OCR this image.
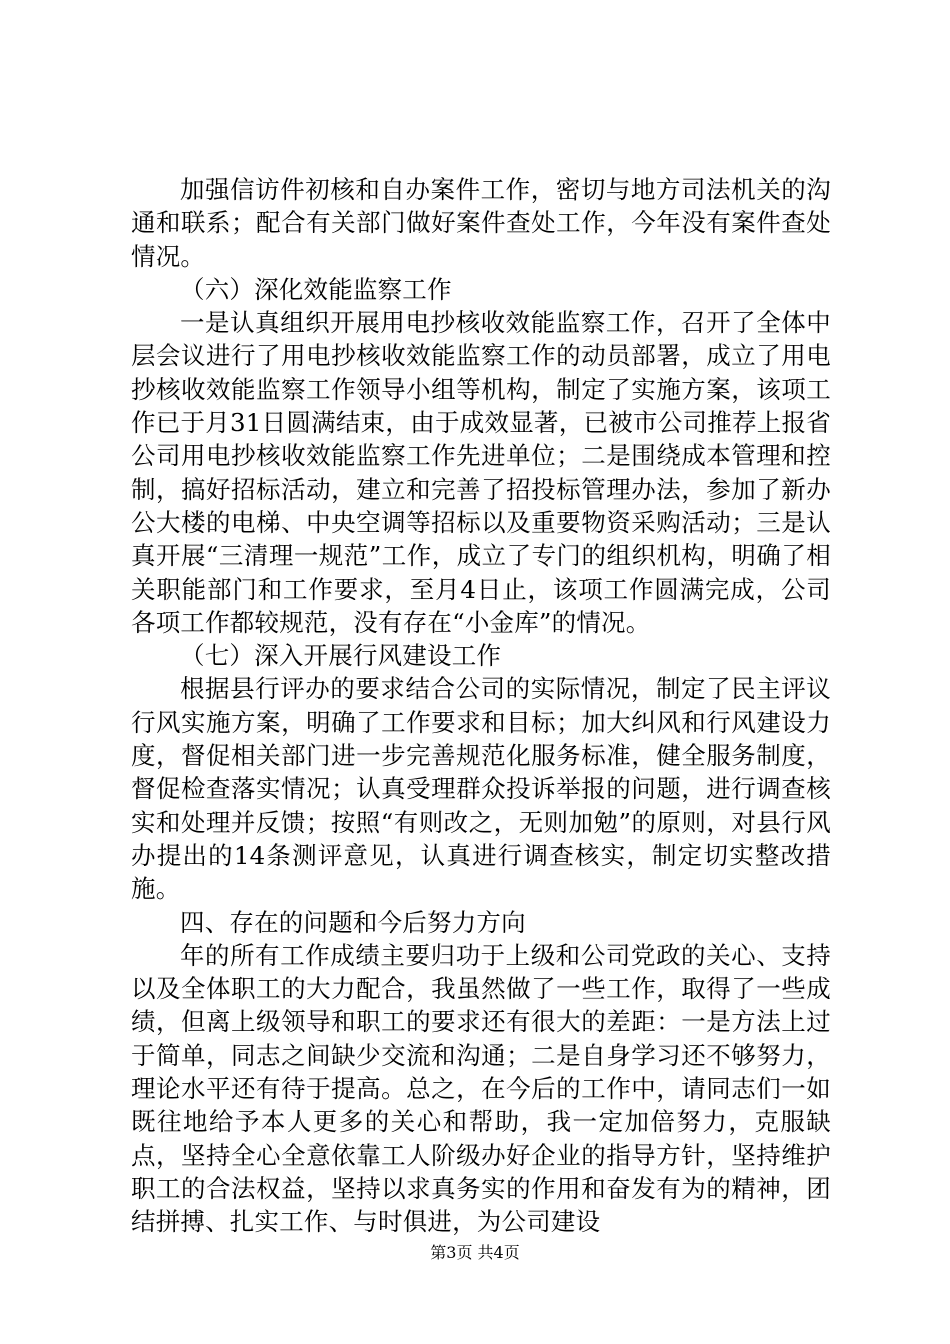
加强信访件初核和自办案件工作，密切与地方司法机关的沟通和联系；配合有关部门做好案件查处工作，今年没有案件查处情况。

（六）深化效能监察工作

一是认真组织开展用电抄核收效能监察工作，召开了全体中层会议进行了用电抄核收效能监察工作的动员部署，成立了用电抄核收效能监察工作领导小组等机构，制定了实施方案，该项工作已于月31日圆满结束，由于成效显著，已被市公司推荐上报省公司用电抄核收效能监察工作先进单位；二是围绕成本管理和控制，搞好招标活动，建立和完善了招投标管理办法，参加了新办公大楼的电梯、中央空调等招标以及重要物资采购活动；三是认真开展“三清理一规范”工作，成立了专门的组织机构，明确了相关职能部门和工作要求，至月4日止，该项工作圆满完成，公司各项工作都较规范，没有存在“小金库”的情况。

（七）深入开展行风建设工作

根据县行评办的要求结合公司的实际情况，制定了民主评议行风实施方案，明确了工作要求和目标；加大纠风和行风建设力度，督促相关部门进一步完善规范化服务标准，健全服务制度，督促检查落实情况；认真受理群众投诉举报的问题，进行调查核实和处理并反馈；按照“有则改之，无则加勉”的原则，对县行风办提出的14条测评意见，认真进行调查核实，制定切实整改措施。

四、存在的问题和今后努力方向

年的所有工作成绩主要归功于上级和公司党政的关心、支持以及全体职工的大力配合，我虽然做了一些工作，取得了一些成绩，但离上级领导和职工的要求还有很大的差距：一是方法上过于简单，同志之间缺少交流和沟通；二是自身学习还不够努力，理论水平还有待于提高。总之，在今后的工作中，请同志们一如既往地给予本人更多的关心和帮助，我一定加倍努力，克服缺点，坚持全心全意依靠工人阶级办好企业的指导方针，坚持维护职工的合法权益，坚持以求真务实的作用和奋发有为的精神，团结拼搏、扎实工作、与时俱进，为公司建设

第3页 共4页
